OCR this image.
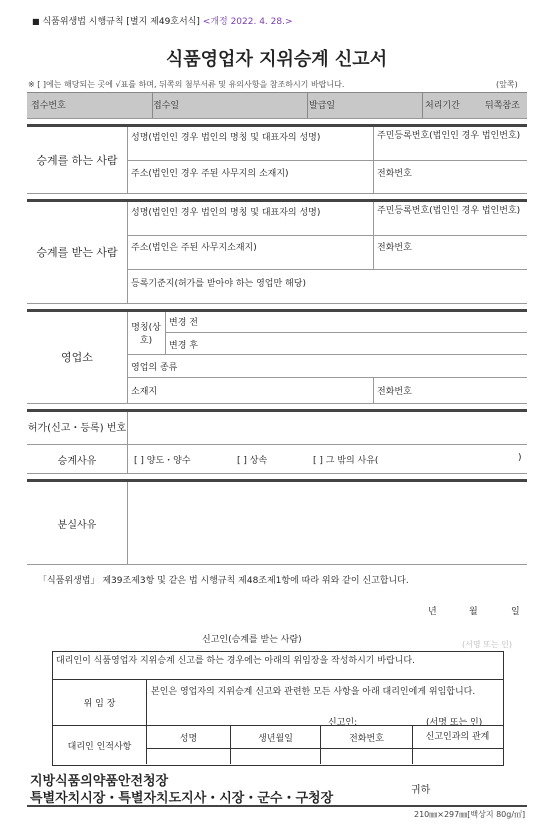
■ 식품위생법 시행규칙 [별지 제49호서식] <개정 2022. 4. 28.>
식품영업자 지위승계 신고서
※ [ ]에는 해당되는 곳에 √표를 하며, 뒤쪽의 첨부서류 및 유의사항을 참조하시기 바랍니다.	(앞쪽)
접수번호	접수일	발급일	처리기간	뒤쪽참조
승계를 하는 사람
성명(법인인 경우 법인의 명칭 및 대표자의 성명)	주민등록번호(법인인 경우 법인번호)
주소(법인인 경우 주된 사무지의 소재지)	전화번호
승계를 받는 사람
성명(법인인 경우 법인의 명칭 및 대표자의 성명)	주민등록번호(법인인 경우 법인번호)
주소(법인은 주된 사무지소재지)	전화번호
등록기준지(허가를 받아야 하는 영업만 해당)
영업소
명칭(상호)
변경 전
변경 후
영업의 종류
소재지	전화번호
허가(신고・등록) 번호
승계사유	[ ] 양도・양수	[ ] 상속	[ ] 그 밖의 사유(	)
분실사유
「식품위생법」 제39조제3항 및 같은 법 시행규칙 제48조제1항에 따라 위와 같이 신고합니다.
년	월	일
신고인(승계를 받는 사람)	(서명 또는 인)
대리인이 식품영업자 지위승계 신고를 하는 경우에는 아래의 위임장을 작성하시기 바랍니다.
위 임 장
본인은 영업자의 지위승계 신고와 관련한 모든 사항을 아래 대리인에게 위임합니다.
신고인:	(서명 또는 인)
대리인 인적사항
성명	생년월일	전화번호	신고인과의 관계
지방식품의약품안전청장
특별자치시장・특별자치도지사・시장・군수・구청장
귀하
210㎜×297㎜[백상지 80g/㎡]
